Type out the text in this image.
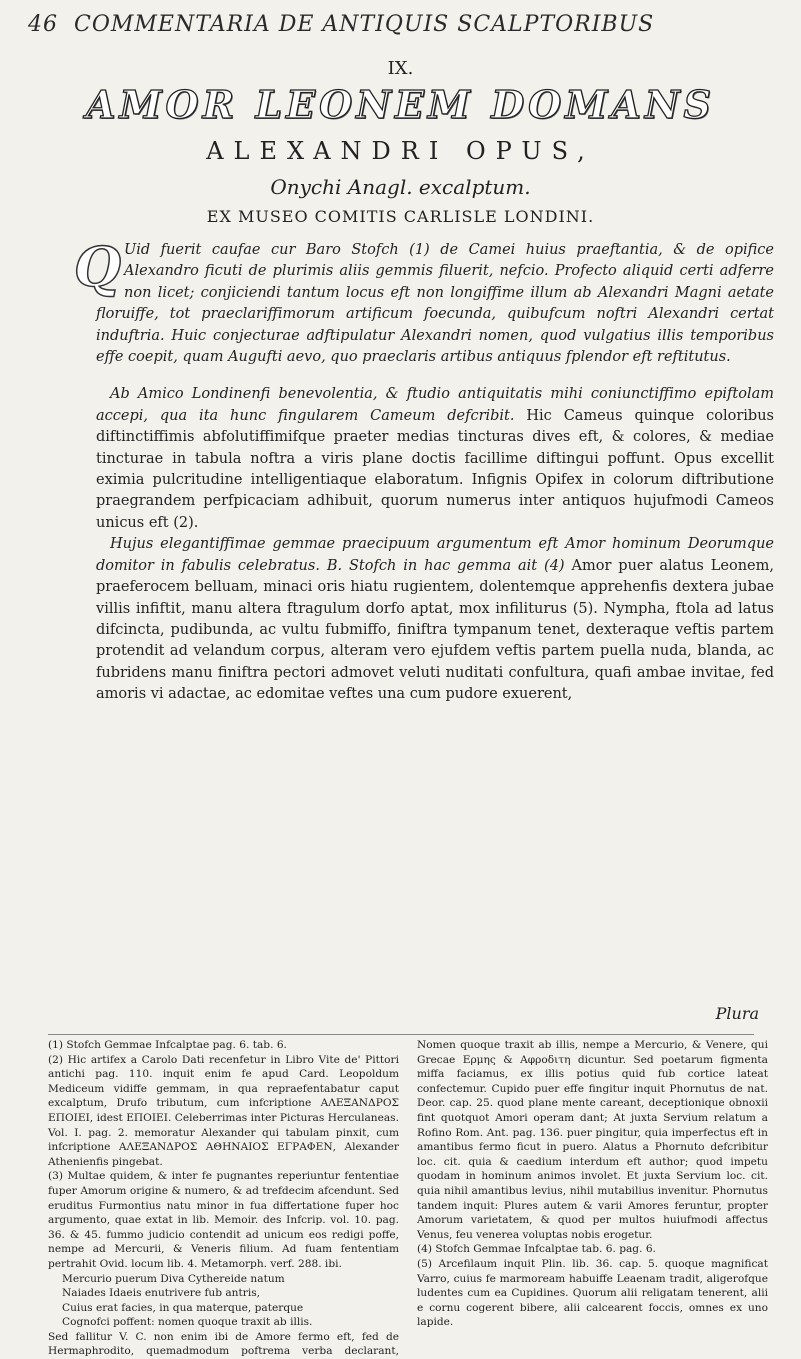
46 COMMENTARIA DE ANTIQUIS SCALPTORIBUS
IX.
AMOR LEONEM DOMANS
ALEXANDRI OPUS,
Onychi Anagl. excalptum.
EX MUSEO COMITIS CARLISLE LONDINI.

Q Uid fuerit caufae cur Baro Stofch (1) de Camei huius praeftantia, & de opifice Alexandro ficuti de plurimis aliis gemmis filuerit, nefcio. Profecto aliquid certi adferre non licet; conjiciendi tantum locus eft non longiffime illum ab Alexandri Magni aetate floruiffe, tot praeclariffimorum artificum foecunda, quibufcum noftri Alexandri certat induftria. Huic conjecturae adftipulatur Alexandri nomen, quod vulgatius illis temporibus effe coepit, quam Augufti aevo, quo praeclaris artibus antiquus fplendor eft reftitutus.

Ab Amico Londinenfi benevolentia, & ftudio antiquitatis mihi coniunctiffimo epiftolam accepi, qua ita hunc fingularem Cameum defcribit. Hic Cameus quinque coloribus diftinctiffimis abfolutiffimifque praeter medias tincturas dives eft, & colores, & mediae tincturae in tabula noftra a viris plane doctis facillime diftingui poffunt. Opus excellit eximia pulcritudine intelligentiaque elaboratum. Infignis Opifex in colorum diftributione praegrandem perfpicaciam adhibuit, quorum numerus inter antiquos hujufmodi Cameos unicus eft (2).

Hujus elegantiffimae gemmae praecipuum argumentum eft Amor hominum Deorumque domitor in fabulis celebratus. B. Stofch in hac gemma ait (4) Amor puer alatus Leonem, praeferocem belluam, minaci oris hiatu rugientem, dolentemque apprehenfis dextera jubae villis infiftit, manu altera ftragulum dorfo aptat, mox infiliturus (5). Nympha, ftola ad latus difcincta, pudibunda, ac vultu fubmiffo, finiftra tympanum tenet, dexteraque veftis partem protendit ad velandum corpus, alteram vero ejufdem veftis partem puella nuda, blanda, ac fubridens manu finiftra pectori admovet veluti nuditati confultura, quafi ambae invitae, fed amoris vi adactae, ac edomitae veftes una cum pudore exuerent,

Plura

(1) Stofch Gemmae Infcalptae pag. 6. tab. 6.

(2) Hic artifex a Carolo Dati recenfetur in Libro Vite de' Pittori antichi pag. 110. inquit enim fe apud Card. Leopoldum Mediceum vidiffe gemmam, in qua repraefentabatur caput excalptum, Drufo tributum, cum infcriptione ΑΛΕΞΑΝΔΡΟΣ ΕΠΟΙΕΙ, idest ΕΠΟΙΕΙ. Celeberrimas inter Picturas Herculaneas. Vol. I. pag. 2. memoratur Alexander qui tabulam pinxit, cum infcriptione ΑΛΕΞΑΝΔΡΟΣ ΑΘΗΝΑΙΟΣ ΕΓΡΑΦΕΝ, Alexander Athenienfis pingebat.

(3) Multae quidem, & inter fe pugnantes reperiuntur fententiae fuper Amorum origine & numero, & ad trefdecim afcendunt. Sed eruditus Furmontius natu minor in fua differtatione fuper hoc argumento, quae extat in lib. Memoir. des Infcrip. vol. 10. pag. 36. & 45. fummo judicio contendit ad unicum eos redigi poffe, nempe ad Mercurii, & Veneris filium. Ad fuam fententiam pertrahit Ovid. locum lib. 4. Metamorph. verf. 288. ibi.

Mercurio puerum Diva Cythereide natum

Naiades Idaeis enutrivere fub antris,

Cuius erat facies, in qua materque, paterque

Cognofci poffent: nomen quoque traxit ab illis.

Sed fallitur V. C. non enim ibi de Amore fermo eft, fed de Hermaphrodito, quemadmodum poftrema verba declarant, Nomen quoque traxit ab illis, nempe a Mercurio, & Venere, qui Grecae Ερμης & Αφροδιτη dicuntur. Sed poetarum figmenta miffa faciamus, ex illis potius quid fub cortice lateat confectemur. Cupido puer effe fingitur inquit Phornutus de nat. Deor. cap. 25. quod plane mente careant, deceptionique obnoxii fint quotquot Amori operam dant; At juxta Servium relatum a Rofino Rom. Ant. pag. 136. puer pingitur, quia imperfectus eft in amantibus fermo ficut in puero. Alatus a Phornuto defcribitur loc. cit. quia & caedium interdum eft author; quod impetu quodam in hominum animos involet. Et juxta Servium loc. cit. quia nihil amantibus levius, nihil mutabilius invenitur. Phornutus tandem inquit: Plures autem & varii Amores feruntur, propter Amorum varietatem, & quod per multos huiufmodi affectus Venus, feu venerea voluptas nobis erogetur.

(4) Stofch Gemmae Infcalptae tab. 6. pag. 6.

(5) Arcefilaum inquit Plin. lib. 36. cap. 5. quoque magnificat Varro, cuius fe marmoream habuiffe Leaenam tradit, aligerofque ludentes cum ea Cupidines. Quorum alii religatam tenerent, alii e cornu cogerent bibere, alii calcearent foccis, omnes ex uno lapide.
